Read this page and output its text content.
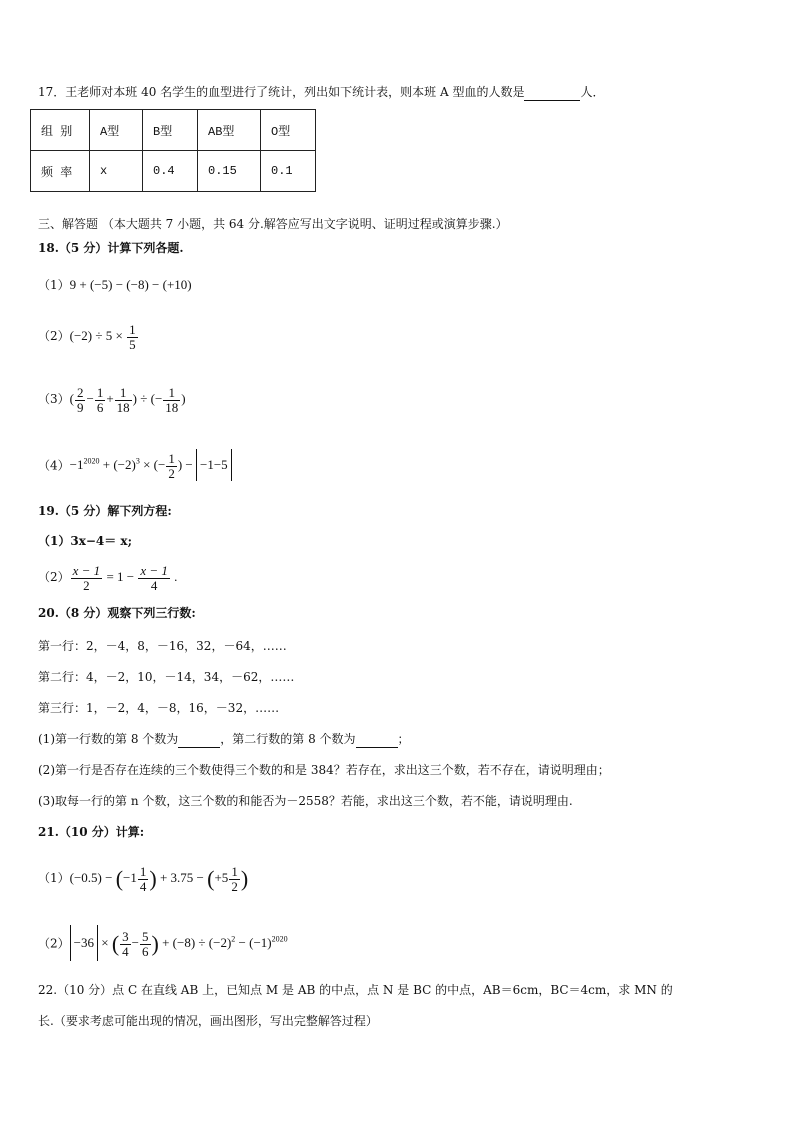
17．王老师对本班 40 名学生的血型进行了统计，列出如下统计表，则本班 A 型血的人数是	人．
组 别	A型	B型	AB型	O型
频 率	x	0.4	0.15	0.1
三、解答题 （本大题共 7 小题，共 64 分.解答应写出文字说明、证明过程或演算步骤.）
18.（5 分）计算下列各题.
（1）9 + (−5) − (−8) − (+10)
$(2)(-2) \div 5 \times \frac{1}{5}$
$(3)( \frac{2}{9} - \frac{1}{6} + \frac{1}{18}$ ) ÷ (− $\frac{1}{18}$ )
$(4)-1^{2020} + (-2)^3$ × (− $\frac{1}{2}$ ) − −1−5
19.（5 分）解下列方程:
（1）3x−4＝ x;
$(2) \frac{x - 1}{2} = 1 - \frac{x - 1}{4}$ .
20.（8 分）观察下列三行数:
第一行：2，－4，8，－16，32，－64，……
第二行：4，－2，10，－14，34，－62，……
第三行：1，－2，4，－8，16，－32，……
(1)第一行数的第 8 个数为	，第二行数的第 8 个数为	；
(2)第一行是否存在连续的三个数使得三个数的和是 384？若存在，求出这三个数，若不存在，请说明理由；
(3)取每一行的第 n 个数，这三个数的和能否为－2558？若能，求出这三个数，若不能，请说明理由.
21.（10 分）计算:
$(1)(-0.5) - (-1 \frac{1}{4}$ ) + $3.75 - (+5 \frac{1}{2}$ )
（2） −36 × ( $\frac{3}{4} - \frac{5}{6}$ ) + $(-8) \div (-2)^2 - (-1)^{2020}$
22.（10 分）点 C 在直线 AB 上，已知点 M 是 AB 的中点，点 N 是 BC 的中点，AB＝6cm，BC＝4cm，求 MN 的
长.（要求考虑可能出现的情况，画出图形，写出完整解答过程）
